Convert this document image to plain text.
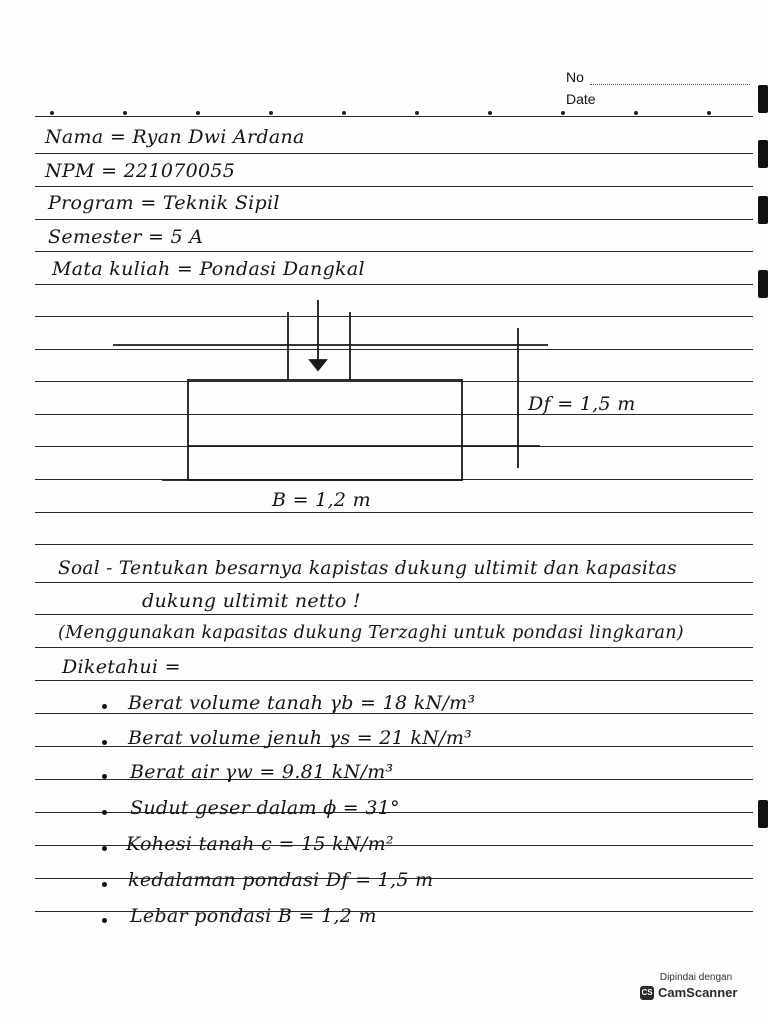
No
Date
Nama = Ryan Dwi Ardana
NPM = 221070055
Program = Teknik Sipil
Semester = 5 A
Mata kuliah = Pondasi Dangkal
Df = 1,5 m
B = 1,2 m
Soal - Tentukan besarnya kapistas dukung ultimit dan kapasitas
dukung ultimit netto !
(Menggunakan kapasitas dukung Terzaghi untuk pondasi lingkaran)
Diketahui =
Berat volume tanah γb = 18 kN/m³
Berat volume jenuh γs = 21 kN/m³
Berat air γw = 9.81 kN/m³
Sudut geser dalam ϕ = 31°
Kohesi tanah c = 15 kN/m²
kedalaman pondasi Df = 1,5 m
Lebar pondasi B = 1,2 m
Dipindai dengan
CS CamScanner
